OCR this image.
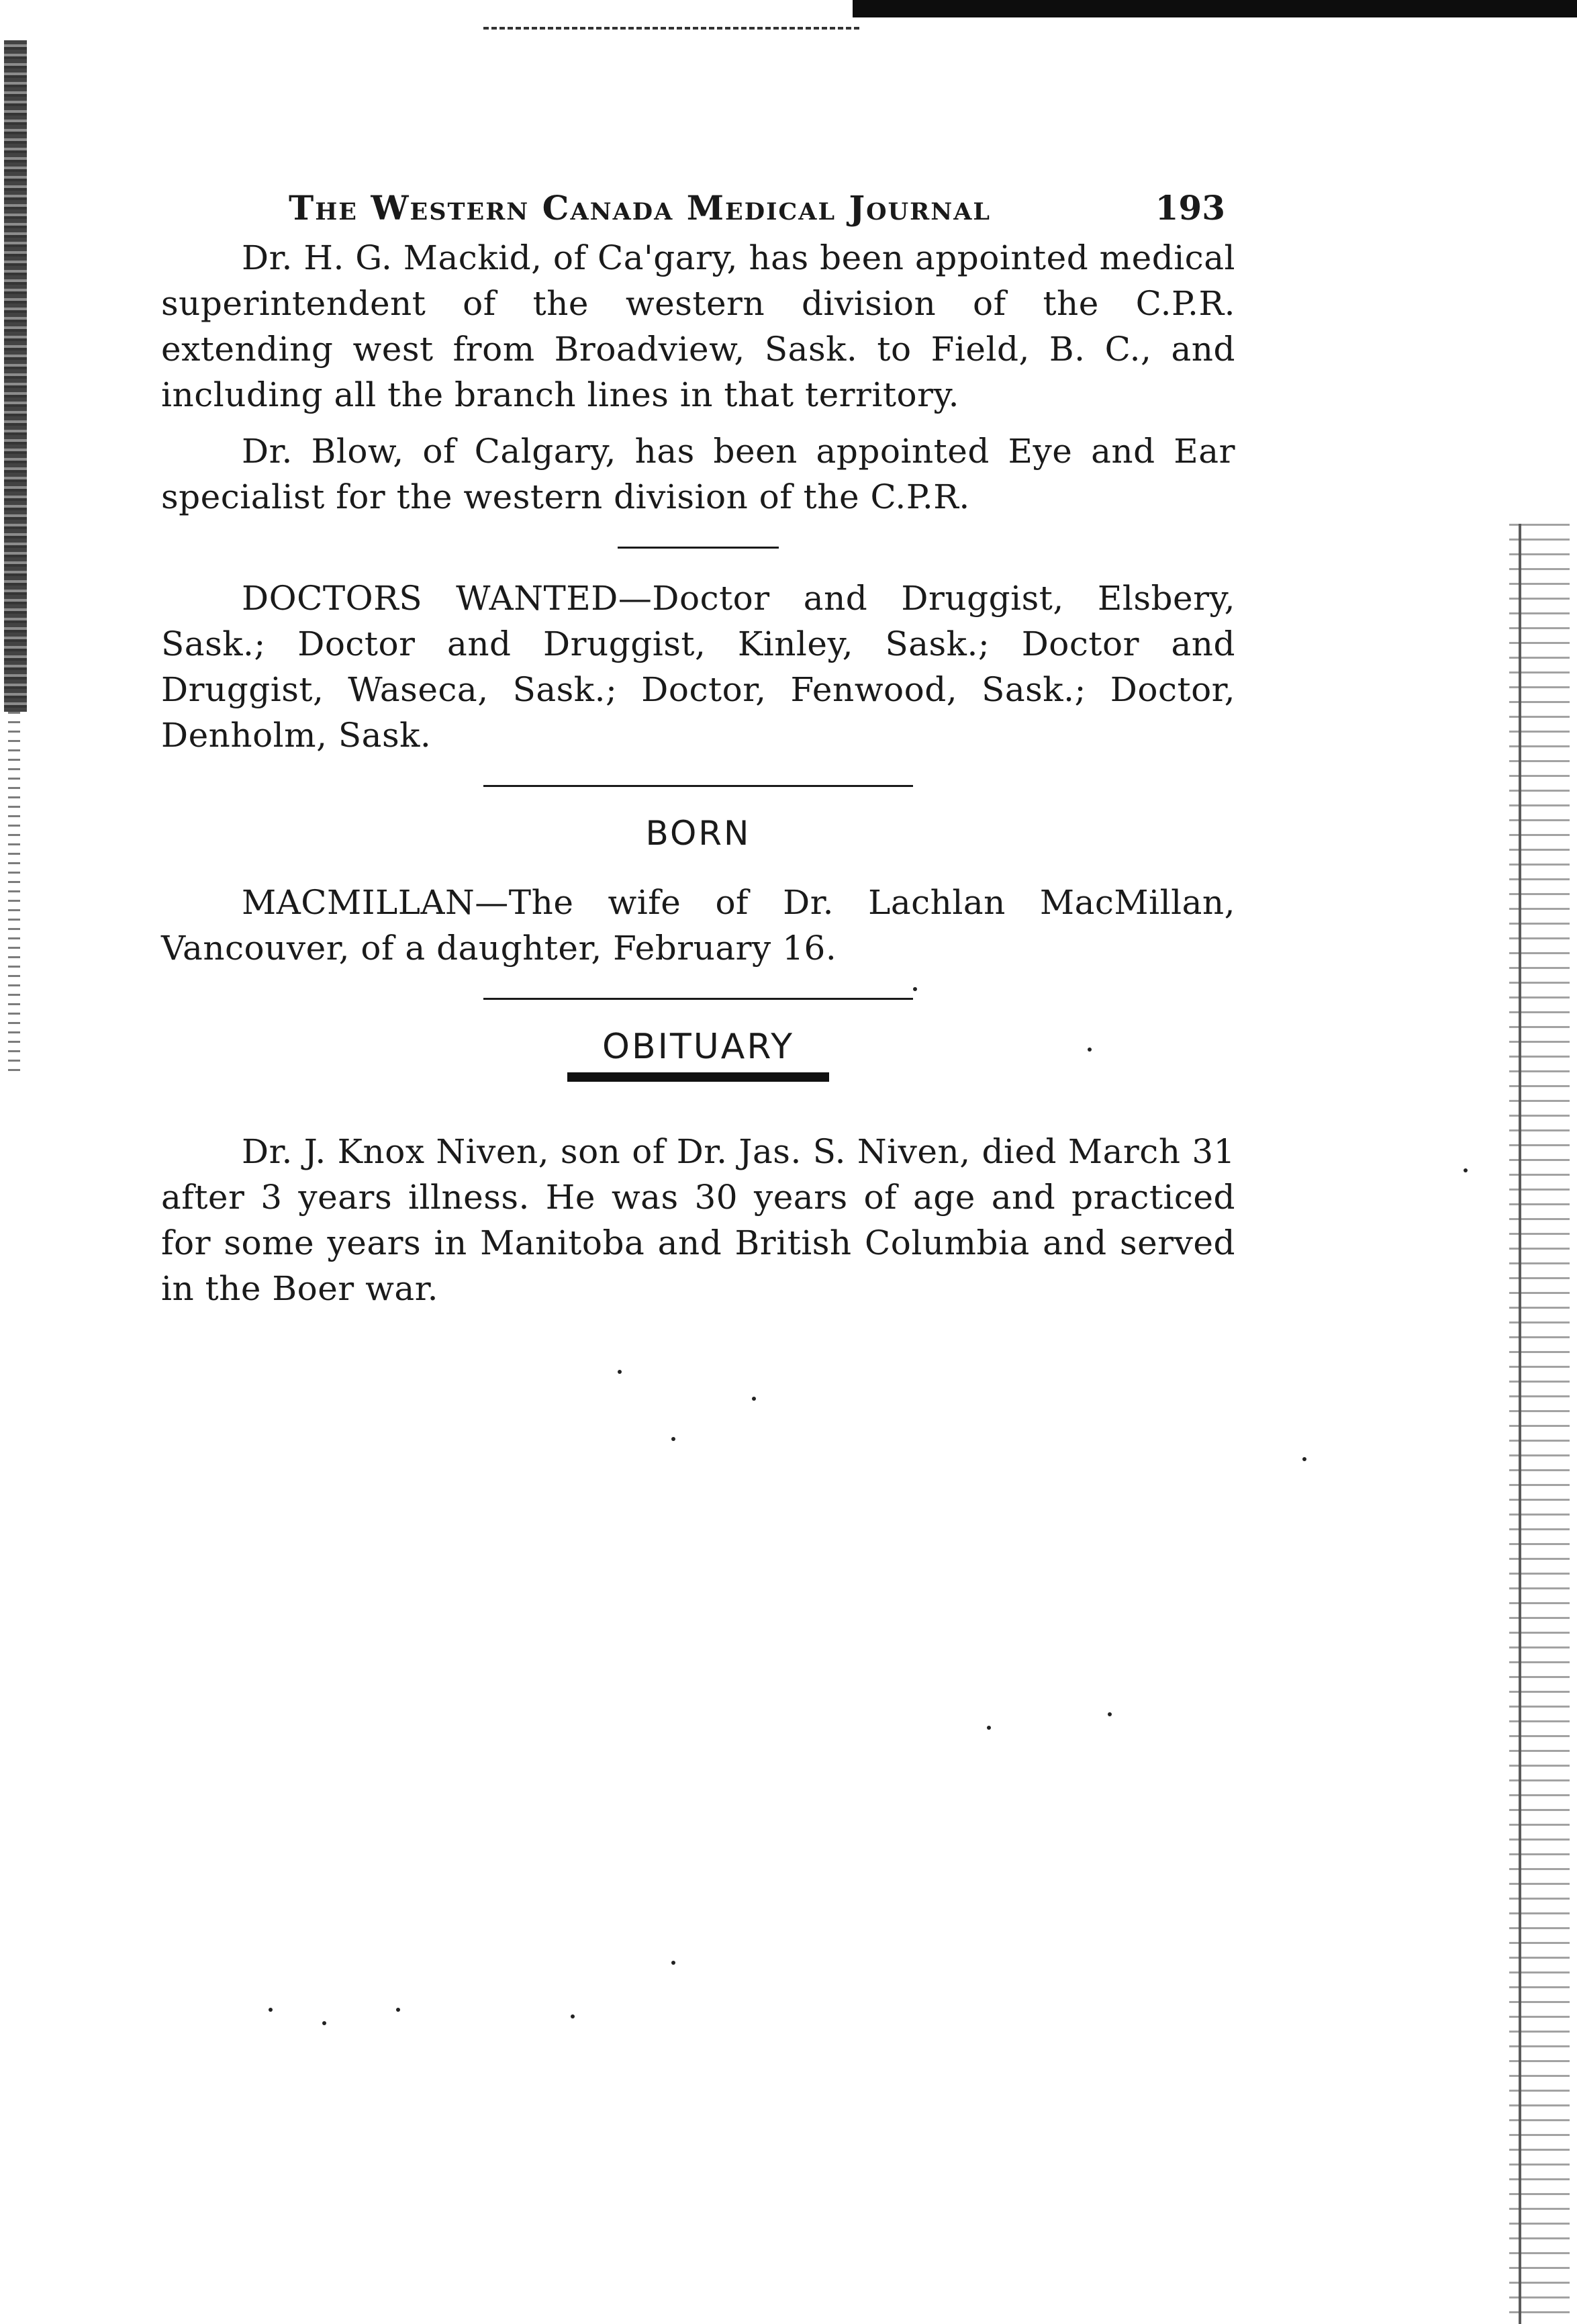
The Western Canada Medical Journal	193

Dr. H. G. Mackid, of Ca'gary, has been appointed medical superintendent of the western division of the C.P.R. extending west from Broadview, Sask. to Field, B. C., and including all the branch lines in that territory.

Dr. Blow, of Calgary, has been appointed Eye and Ear specialist for the western division of the C.P.R.

DOCTORS WANTED—Doctor and Druggist, Elsbery, Sask.; Doctor and Druggist, Kinley, Sask.; Doctor and Druggist, Waseca, Sask.; Doctor, Fenwood, Sask.; Doctor, Denholm, Sask.

BORN

MACMILLAN—The wife of Dr. Lachlan MacMillan, Vancouver, of a daughter, February 16.

OBITUARY

Dr. J. Knox Niven, son of Dr. Jas. S. Niven, died March 31 after 3 years illness. He was 30 years of age and practiced for some years in Manitoba and British Columbia and served in the Boer war.
